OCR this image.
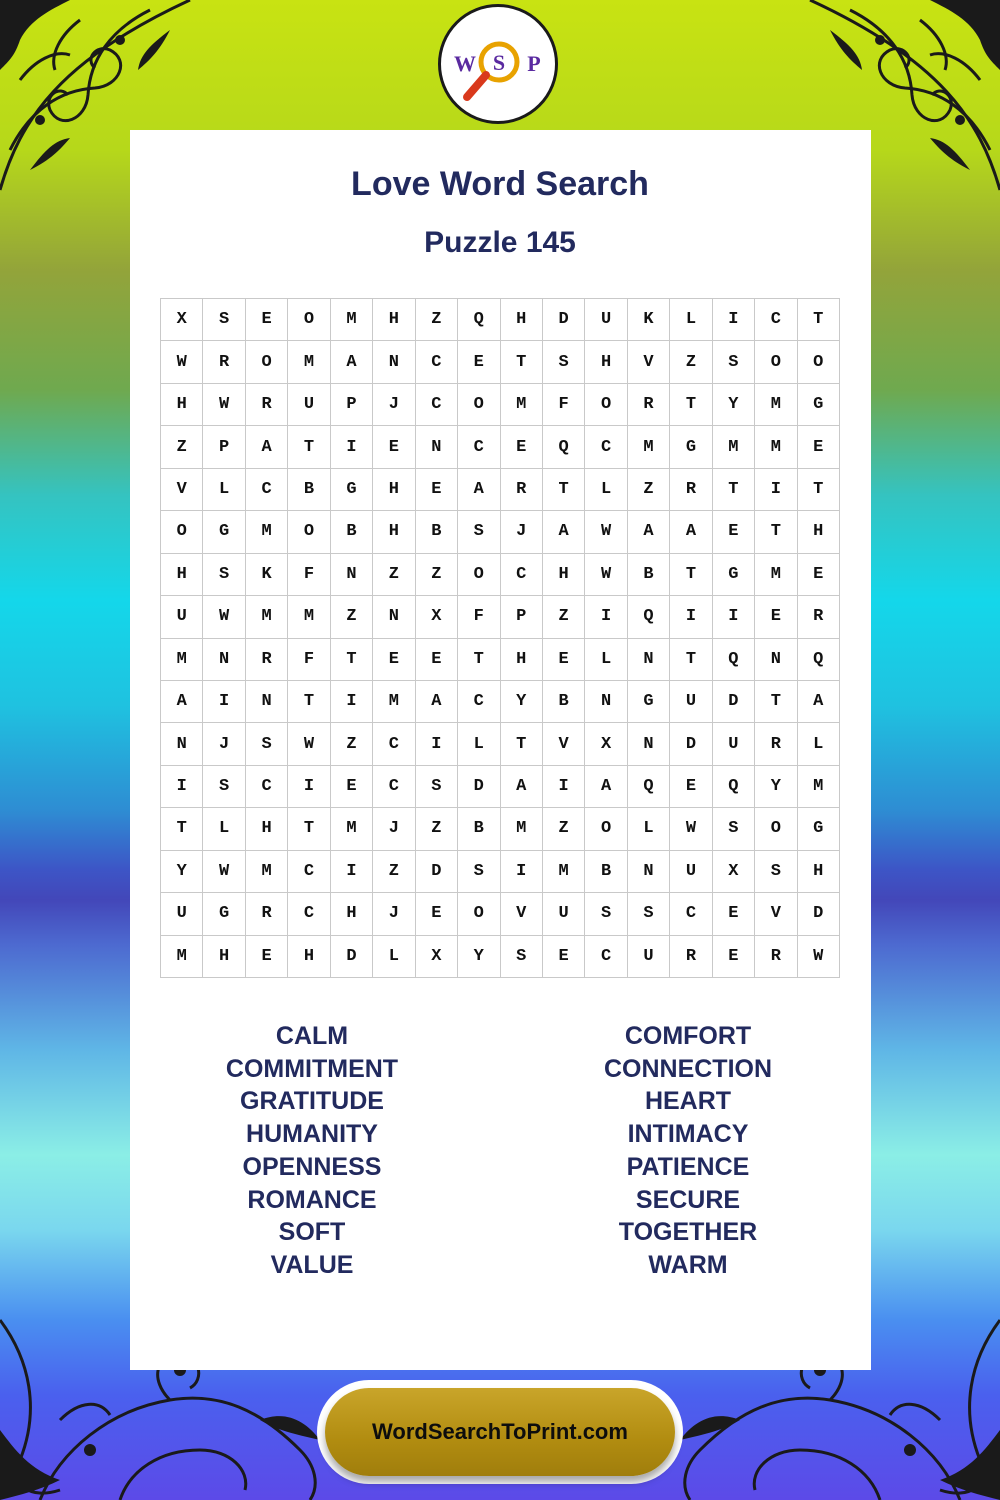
W S P
Love Word Search
Puzzle 145
X	S	E	O	M	H	Z	Q	H	D	U	K	L	I	C	T
W	R	O	M	A	N	C	E	T	S	H	V	Z	S	O	O
H	W	R	U	P	J	C	O	M	F	O	R	T	Y	M	G
Z	P	A	T	I	E	N	C	E	Q	C	M	G	M	M	E
V	L	C	B	G	H	E	A	R	T	L	Z	R	T	I	T
O	G	M	O	B	H	B	S	J	A	W	A	A	E	T	H
H	S	K	F	N	Z	Z	O	C	H	W	B	T	G	M	E
U	W	M	M	Z	N	X	F	P	Z	I	Q	I	I	E	R
M	N	R	F	T	E	E	T	H	E	L	N	T	Q	N	Q
A	I	N	T	I	M	A	C	Y	B	N	G	U	D	T	A
N	J	S	W	Z	C	I	L	T	V	X	N	D	U	R	L
I	S	C	I	E	C	S	D	A	I	A	Q	E	Q	Y	M
T	L	H	T	M	J	Z	B	M	Z	O	L	W	S	O	G
Y	W	M	C	I	Z	D	S	I	M	B	N	U	X	S	H
U	G	R	C	H	J	E	O	V	U	S	S	C	E	V	D
M	H	E	H	D	L	X	Y	S	E	C	U	R	E	R	W
CALM
COMMITMENT
GRATITUDE
HUMANITY
OPENNESS
ROMANCE
SOFT
VALUE
COMFORT
CONNECTION
HEART
INTIMACY
PATIENCE
SECURE
TOGETHER
WARM
WordSearchToPrint.com
